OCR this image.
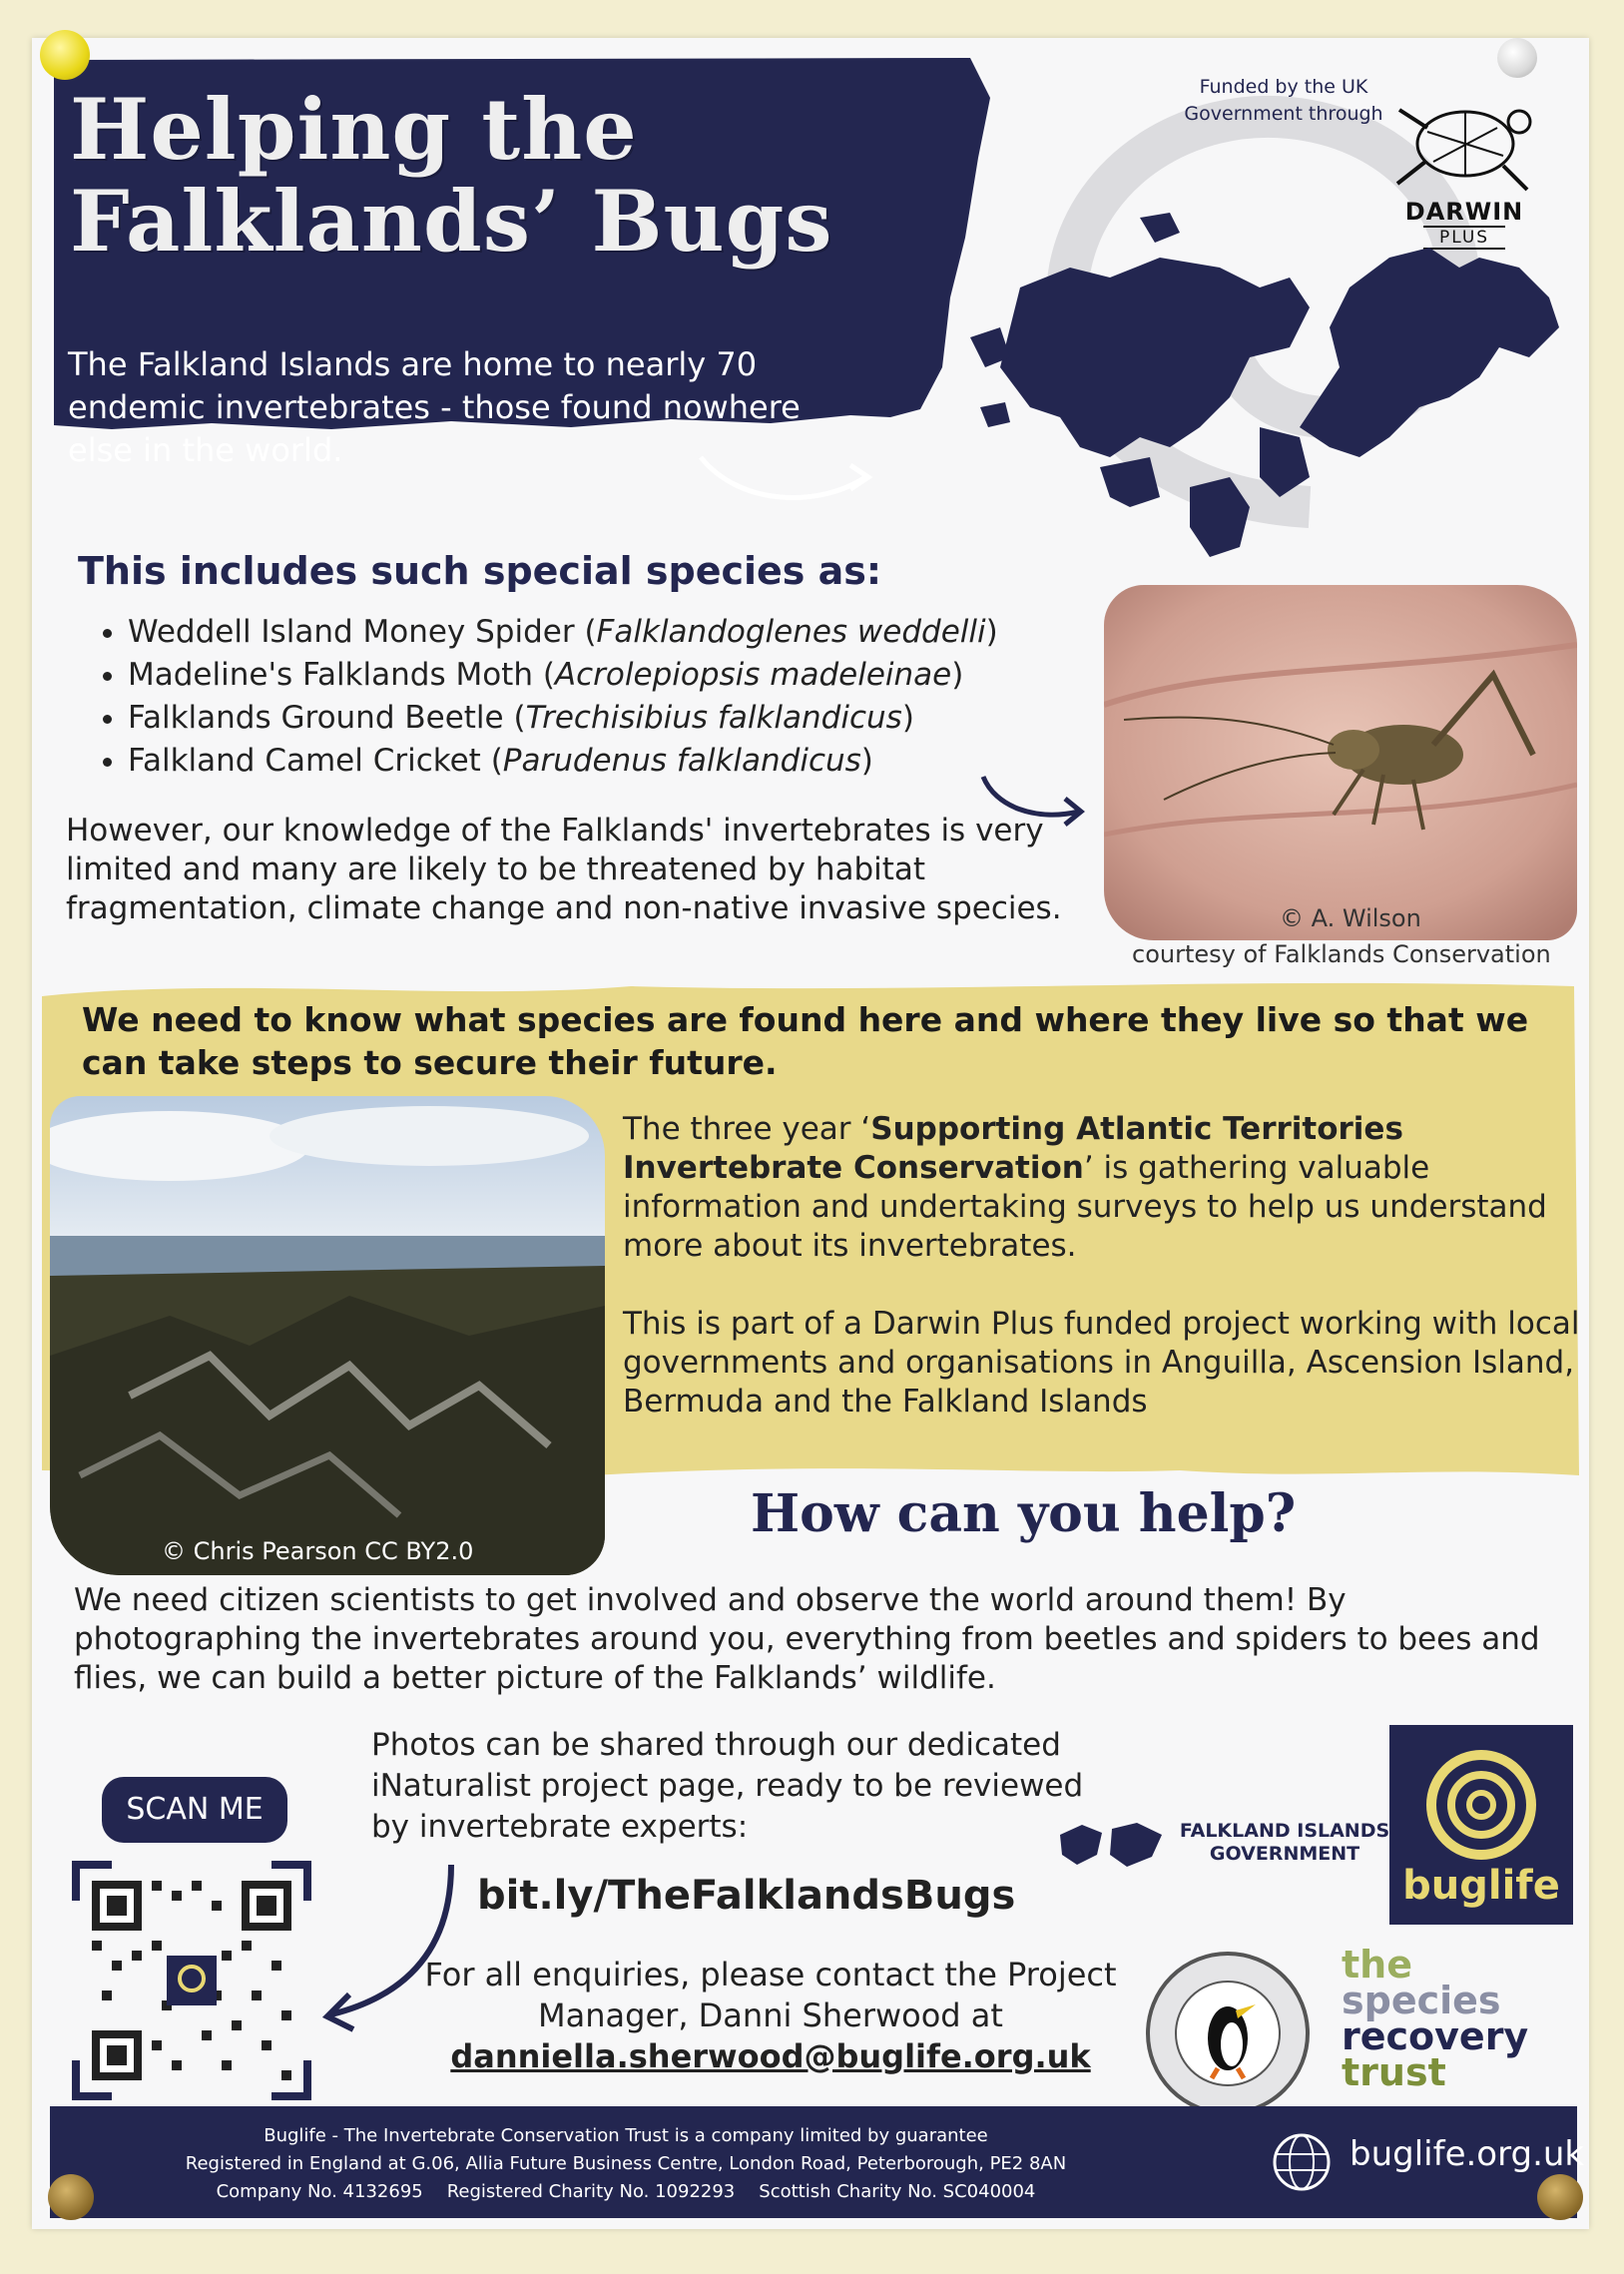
Helping the
Falklands’ Bugs
The Falkland Islands are home to nearly 70 endemic invertebrates - those found nowhere else in the world.
Funded by the UK Government through
DARWIN
PLUS
This includes such special species as:
• Weddell Island Money Spider (Falklandoglenes weddelli)
• Madeline's Falklands Moth (Acrolepiopsis madeleinae)
• Falklands Ground Beetle (Trechisibius falklandicus)
• Falkland Camel Cricket (Parudenus falklandicus)
However, our knowledge of the Falklands' invertebrates is very limited and many are likely to be threatened by habitat fragmentation, climate change and non-native invasive species.	© A. Wilson
courtesy of Falklands Conservation
We need to know what species are found here and where they live so that we can take steps to secure their future.
© Chris Pearson CC BY2.0

The three year ‘Supporting Atlantic Territories Invertebrate Conservation’ is gathering valuable information and undertaking surveys to help us understand more about its invertebrates.

This is part of a Darwin Plus funded project working with local governments and organisations in Anguilla, Ascension Island, Bermuda and the Falkland Islands

How can you help?
We need citizen scientists to get involved and observe the world around them! By photographing the invertebrates around you, everything from beetles and spiders to bees and flies, we can build a better picture of the Falklands’ wildlife.
SCAN ME
Photos can be shared through our dedicated iNaturalist project page, ready to be reviewed by invertebrate experts:
bit.ly/TheFalklandsBugs
For all enquiries, please contact the Project Manager, Danni Sherwood at
danniella.sherwood@buglife.org.uk
FALKLAND ISLANDS
GOVERNMENT
buglife
the
species
recovery
trust
Buglife - The Invertebrate Conservation Trust is a company limited by guarantee
Registered in England at G.06, Allia Future Business Centre, London Road, Peterborough, PE2 8AN
Company No. 4132695 Registered Charity No. 1092293 Scottish Charity No. SC040004
buglife.org.uk
